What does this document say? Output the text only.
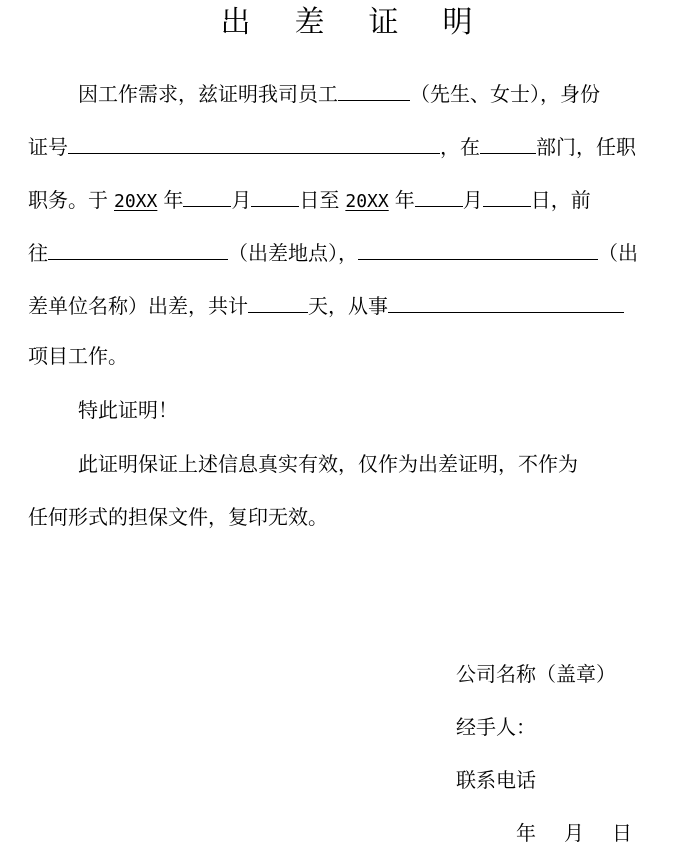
出差证明
因工作需求，兹证明我司员工	（先生、女士），身份
证号	，在	部门，任职
职务。于 20XX 年 月 日至 20XX 年 月 日，前
往	（出差地点），	（出
差单位名称）出差，共计	天，从事
项目工作。
特此证明！
此证明保证上述信息真实有效，仅作为出差证明，不作为
任何形式的担保文件，复印无效。
公司名称（盖章）
经手人：
联系电话
年 月 日
